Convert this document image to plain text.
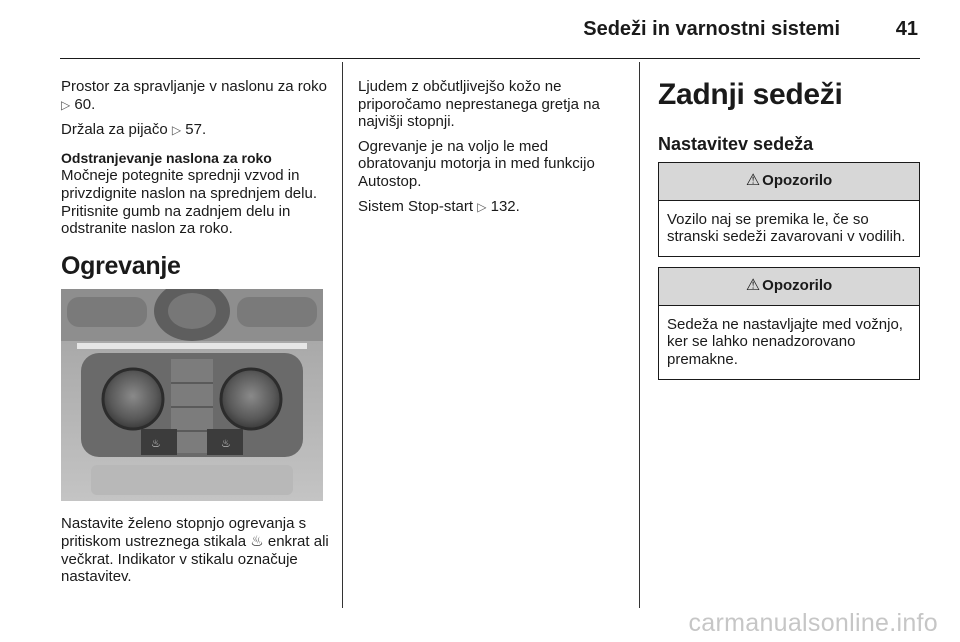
Sedeži in varnostni sistemi	41

Prostor za spravljanje v naslonu za roko ▷ 60.

Držala za pijačo ▷ 57.

Odstranjevanje naslona za roko

Močneje potegnite sprednji vzvod in privzdignite naslon na sprednjem delu. Pritisnite gumb na zadnjem delu in odstranite naslon za roko.

Ogrevanje
♨	♨

Nastavite želeno stopnjo ogrevanja s pritiskom ustreznega stikala ♨ enkrat ali večkrat. Indikator v stikalu označuje nastavitev.

Ljudem z občutljivejšo kožo ne priporočamo neprestanega gretja na najvišji stopnji.

Ogrevanje je na voljo le med obratovanju motorja in med funkcijo Autostop.

Sistem Stop-start ▷ 132.

Zadnji sedeži
Nastavitev sedeža
⚠ Opozorilo
Vozilo naj se premika le, če so stranski sedeži zavarovani v vodilih.
⚠ Opozorilo
Sedeža ne nastavljajte med vožnjo, ker se lahko nenadzorovano premakne.
carmanualsonline.info
